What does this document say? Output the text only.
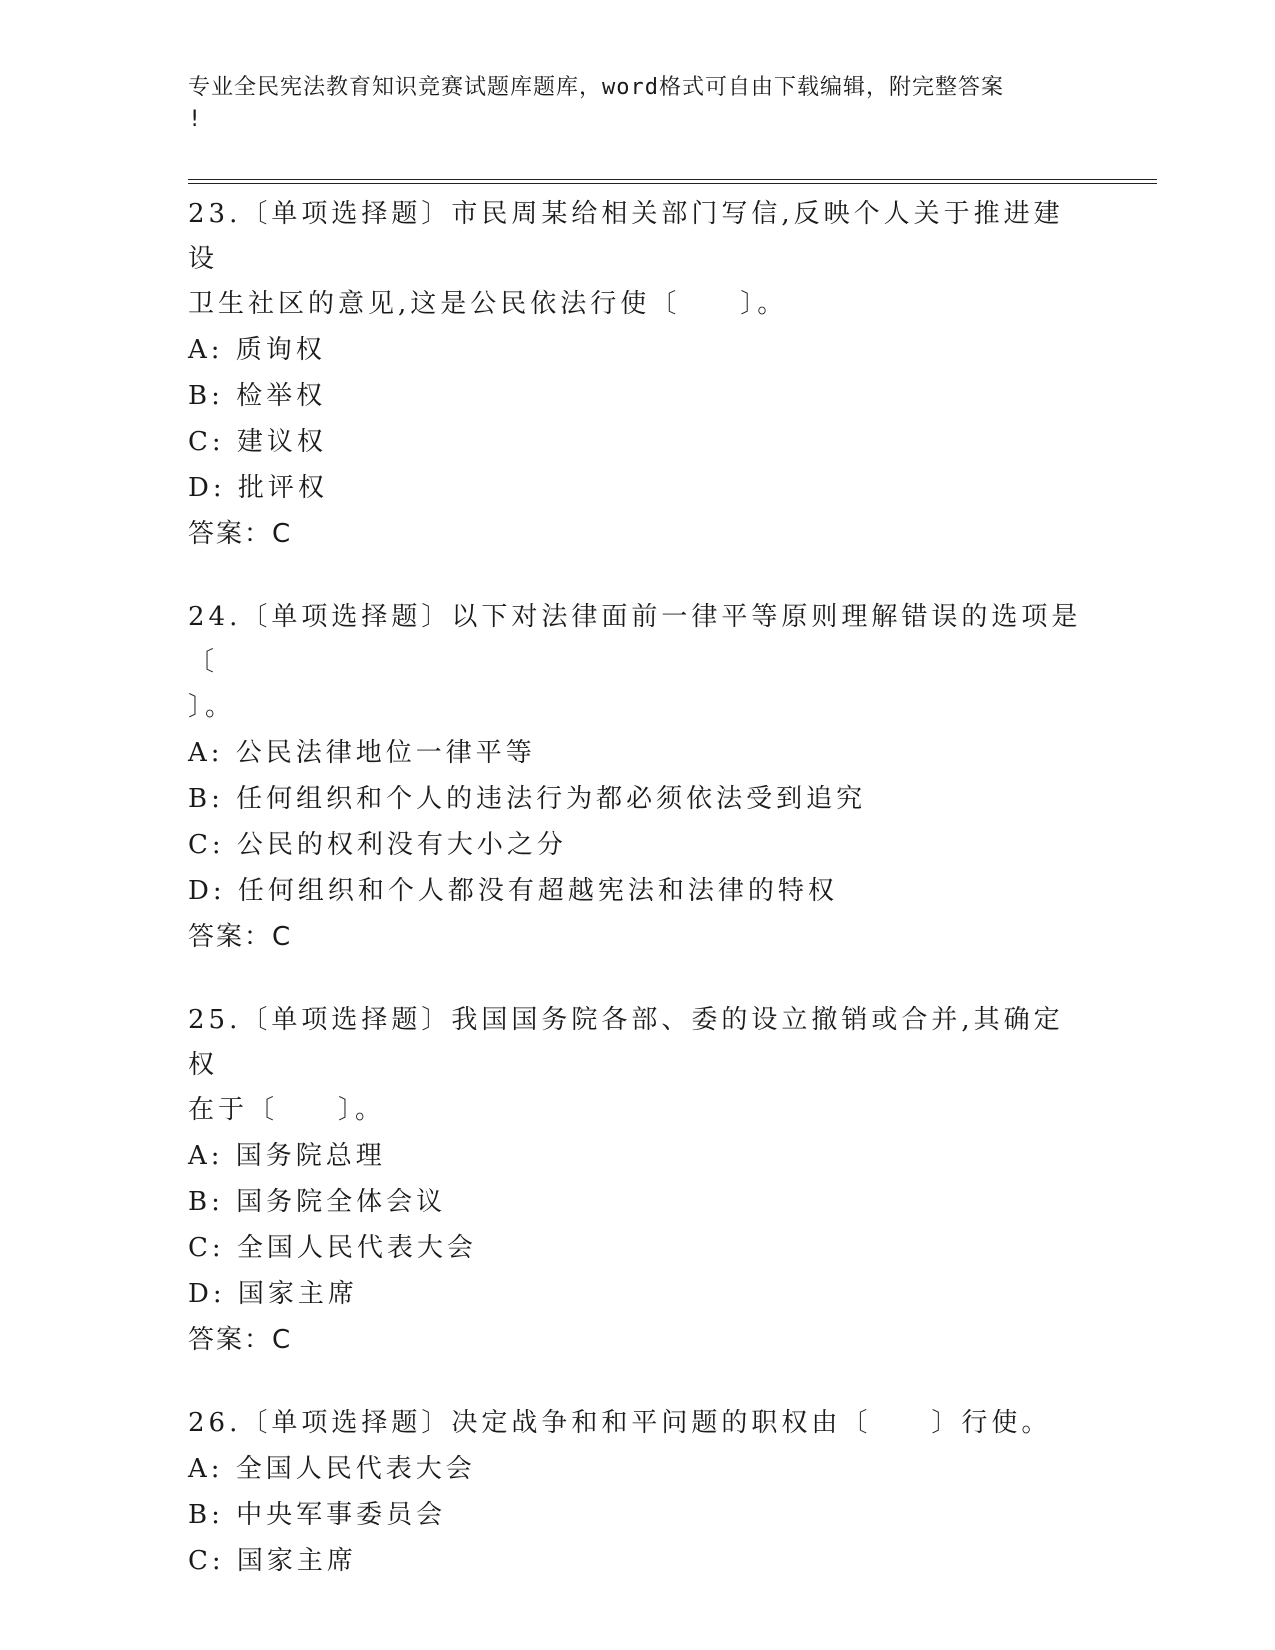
专业全民宪法教育知识竞赛试题库题库，word格式可自由下载编辑，附完整答案
!

23.〔单项选择题〕市民周某给相关部门写信,反映个人关于推进建设
卫生社区的意见,这是公民依法行使〔　　〕。

A: 质询权

B: 检举权

C: 建议权

D: 批评权

答案：C

24.〔单项选择题〕以下对法律面前一律平等原则理解错误的选项是〔
〕。

A: 公民法律地位一律平等

B: 任何组织和个人的违法行为都必须依法受到追究

C: 公民的权利没有大小之分

D: 任何组织和个人都没有超越宪法和法律的特权

答案：C

25.〔单项选择题〕我国国务院各部、委的设立撤销或合并,其确定权
在于〔　　〕。

A: 国务院总理

B: 国务院全体会议

C: 全国人民代表大会

D: 国家主席

答案：C

26.〔单项选择题〕决定战争和和平问题的职权由〔　　〕行使。

A: 全国人民代表大会

B: 中央军事委员会

C: 国家主席
